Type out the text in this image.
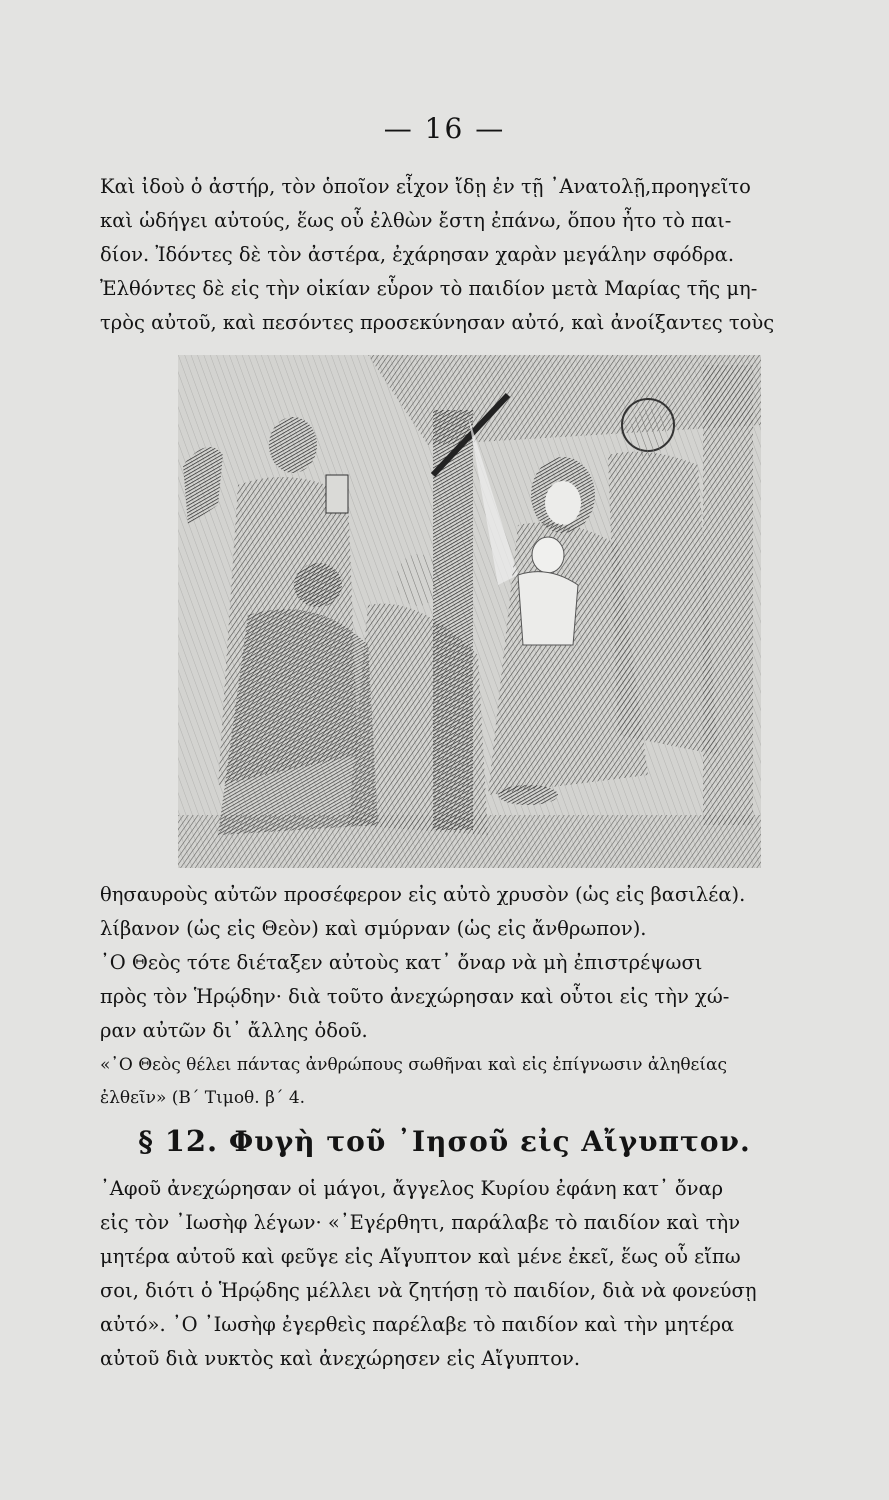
— 16 —
Καὶ ἰδοὺ ὁ ἀστήρ, τὸν ὁποῖον εἶχον ἴδῃ ἐν τῇ ᾿Ανατολῇ,προηγεῖτο
καὶ ὡδήγει αὐτούς, ἕως οὗ ἐλθὼν ἔστη ἐπάνω, ὅπου ἦτο τὸ παι-
δίον. Ἰδόντες δὲ τὸν ἀστέρα, ἐχάρησαν χαρὰν μεγάλην σφόδρα.
Ἐλθόντες δὲ εἰς τὴν οἰκίαν εὗρον τὸ παιδίον μετὰ Μαρίας τῆς μη-
τρὸς αὐτοῦ, καὶ πεσόντες προσεκύνησαν αὐτό, καὶ ἀνοίξαντες τοὺς
θησαυροὺς αὐτῶν προσέφερον εἰς αὐτὸ χρυσὸν (ὡς εἰς βασιλέα).
λίβανον (ὡς εἰς Θεὸν) καὶ σμύρναν (ὡς εἰς ἄνθρωπον).
᾿Ο Θεὸς τότε διέταξεν αὐτοὺς κατ᾽ ὄναρ νὰ μὴ ἐπιστρέψωσι
πρὸς τὸν Ἡρῴδην· διὰ τοῦτο ἀνεχώρησαν καὶ οὗτοι εἰς τὴν χώ-
ραν αὐτῶν δι᾽ ἄλλης ὁδοῦ.
«᾿Ο Θεὸς θέλει πάντας ἀνθρώπους σωθῆναι καὶ εἰς ἐπίγνωσιν ἀληθείας
ἐλθεῖν» (Β΄ Τιμοθ. β΄ 4.
§ 12. Φυγὴ τοῦ ᾿Ιησοῦ εἰς Αἴγυπτον.
᾿Αφοῦ ἀνεχώρησαν οἱ μάγοι, ἄγγελος Κυρίου ἐφάνη κατ᾽ ὄναρ
εἰς τὸν ᾿Ιωσὴφ λέγων· «᾿Εγέρθητι, παράλαβε τὸ παιδίον καὶ τὴν
μητέρα αὐτοῦ καὶ φεῦγε εἰς Αἴγυπτον καὶ μένε ἐκεῖ, ἕως οὗ εἴπω
σοι, διότι ὁ Ἡρῴδης μέλλει νὰ ζητήσῃ τὸ παιδίον, διὰ νὰ φονεύσῃ
αὐτό». ᾿Ο ᾿Ιωσὴφ ἐγερθεὶς παρέλαβε τὸ παιδίον καὶ τὴν μητέρα
αὐτοῦ διὰ νυκτὸς καὶ ἀνεχώρησεν εἰς Αἴγυπτον.
